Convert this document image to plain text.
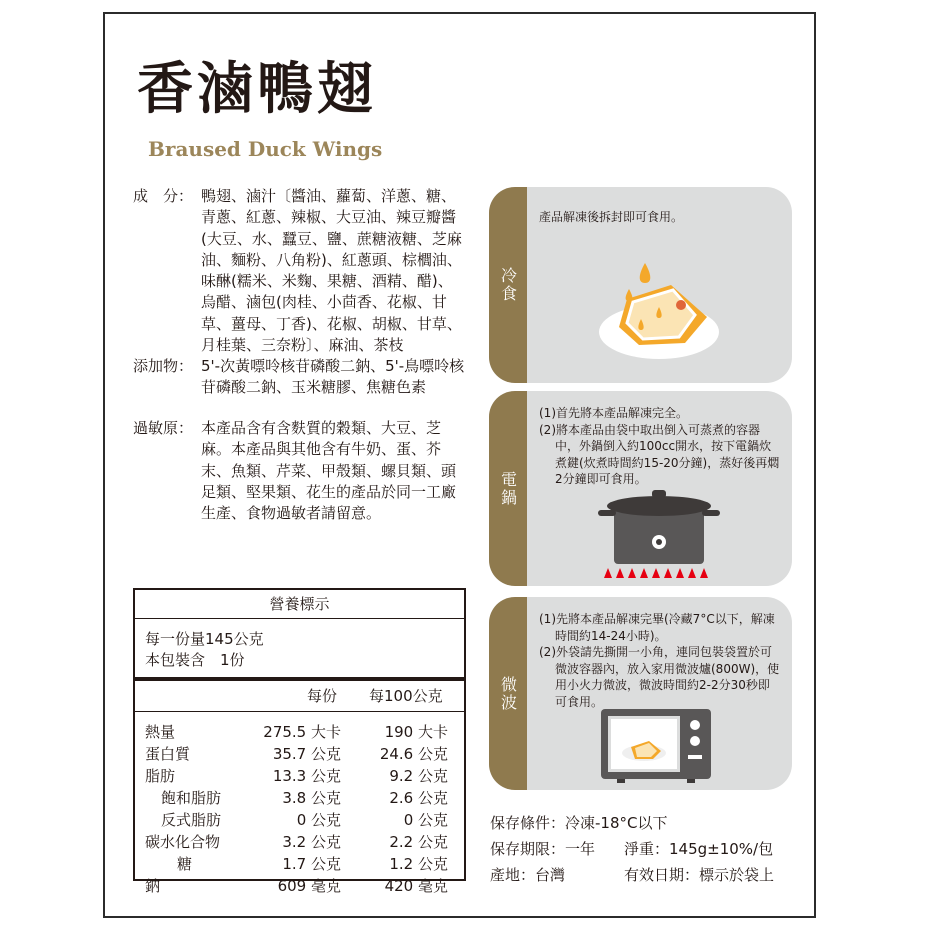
香滷鴨翅

Braused Duck Wings

成　分： 鴨翅、滷汁〔醬油、蘿蔔、洋蔥、糖、青蔥、紅蔥、辣椒、大豆油、辣豆瓣醬(大豆、水、蠶豆、鹽、蔗糖液糖、芝麻油、麵粉、八角粉)、紅蔥頭、棕櫚油、味醂(糯米、米麴、果糖、酒精、醋)、烏醋、滷包(肉桂、小茴香、花椒、甘草、薑母、丁香)、花椒、胡椒、甘草、月桂葉、三奈粉〕、麻油、茶枝
添加物： 5'-次黃嘌呤核苷磷酸二鈉、5'-鳥嘌呤核苷磷酸二鈉、玉米糖膠、焦糖色素
過敏原： 本產品含有含麩質的穀類、大豆、芝麻。本產品與其他含有牛奶、蛋、芥末、魚類、芹菜、甲殼類、螺貝類、頭足類、堅果類、花生的產品於同一工廠生產、食物過敏者請留意。
營養標示
每一份量145公克
本包裝含　1份
每份 每100公克
熱量	275.5 大卡	190 大卡
蛋白質	35.7 公克	24.6 公克
脂肪	13.3 公克	9.2 公克
飽和脂肪	3.8 公克	2.6 公克
反式脂肪	0 公克	0 公克
碳水化合物	3.2 公克	2.2 公克
糖	1.7 公克	1.2 公克
鈉	609 毫克	420 毫克
冷食
產品解凍後拆封即可食用。
電鍋
(1)首先將本產品解凍完全。
(2)將本產品由袋中取出倒入可蒸煮的容器中，外鍋倒入約100cc開水，按下電鍋炊煮鍵(炊煮時間約15-20分鐘)，蒸好後再燜2分鐘即可食用。
微波
(1)先將本產品解凍完畢(冷藏7°C以下，解凍時間約14-24小時)。
(2)外袋請先撕開一小角，連同包裝袋置於可微波容器內，放入家用微波爐(800W)，使用小火力微波，微波時間約2-2分30秒即可食用。
保存條件：冷凍-18°C以下
保存期限：一年 淨重：145g±10%/包
產地：台灣	有效日期：標示於袋上
